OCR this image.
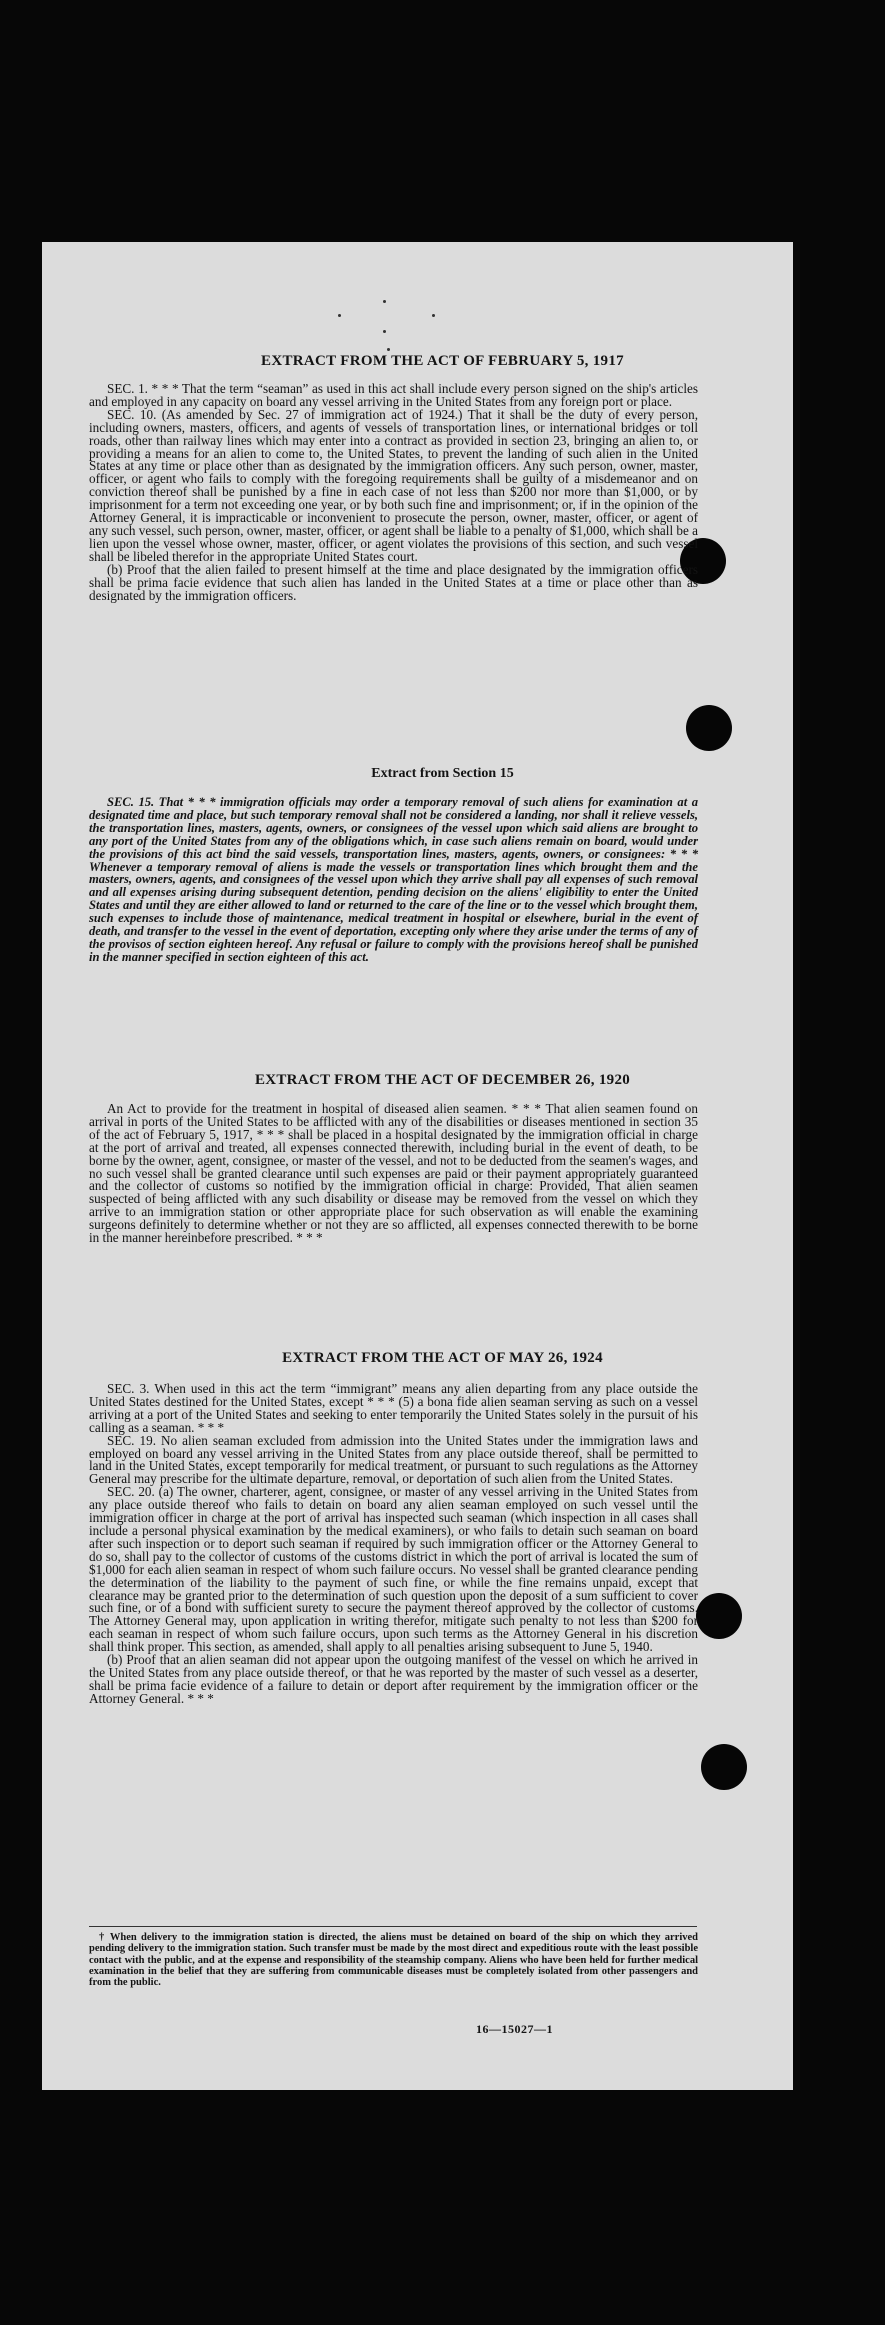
EXTRACT FROM THE ACT OF FEBRUARY 5, 1917

SEC. 1. * * * That the term “seaman” as used in this act shall include every person signed on the ship's articles and employed in any capacity on board any vessel arriving in the United States from any foreign port or place.

SEC. 10. (As amended by Sec. 27 of immigration act of 1924.) That it shall be the duty of every person, including owners, masters, officers, and agents of vessels of transportation lines, or international bridges or toll roads, other than railway lines which may enter into a contract as provided in section 23, bringing an alien to, or providing a means for an alien to come to, the United States, to prevent the landing of such alien in the United States at any time or place other than as designated by the immigration officers. Any such person, owner, master, officer, or agent who fails to comply with the foregoing requirements shall be guilty of a misdemeanor and on conviction thereof shall be punished by a fine in each case of not less than $200 nor more than $1,000, or by imprisonment for a term not exceeding one year, or by both such fine and imprisonment; or, if in the opinion of the Attorney General, it is impracticable or inconvenient to prosecute the person, owner, master, officer, or agent of any such vessel, such person, owner, master, officer, or agent shall be liable to a penalty of $1,000, which shall be a lien upon the vessel whose owner, master, officer, or agent violates the provisions of this section, and such vessel shall be libeled therefor in the appropriate United States court.

(b) Proof that the alien failed to present himself at the time and place designated by the immigration officers shall be prima facie evidence that such alien has landed in the United States at a time or place other than as designated by the immigration officers.

Extract from Section 15

SEC. 15. That * * * immigration officials may order a temporary removal of such aliens for examination at a designated time and place, but such temporary removal shall not be considered a landing, nor shall it relieve vessels, the transportation lines, masters, agents, owners, or consignees of the vessel upon which said aliens are brought to any port of the United States from any of the obligations which, in case such aliens remain on board, would under the provisions of this act bind the said vessels, transportation lines, masters, agents, owners, or consignees: * * * Whenever a temporary removal of aliens is made the vessels or transportation lines which brought them and the masters, owners, agents, and consignees of the vessel upon which they arrive shall pay all expenses of such removal and all expenses arising during subsequent detention, pending decision on the aliens' eligibility to enter the United States and until they are either allowed to land or returned to the care of the line or to the vessel which brought them, such expenses to include those of maintenance, medical treatment in hospital or elsewhere, burial in the event of death, and transfer to the vessel in the event of deportation, excepting only where they arise under the terms of any of the provisos of section eighteen hereof. Any refusal or failure to comply with the provisions hereof shall be punished in the manner specified in section eighteen of this act.

EXTRACT FROM THE ACT OF DECEMBER 26, 1920

An Act to provide for the treatment in hospital of diseased alien seamen. * * * That alien seamen found on arrival in ports of the United States to be afflicted with any of the disabilities or diseases mentioned in section 35 of the act of February 5, 1917, * * * shall be placed in a hospital designated by the immigration official in charge at the port of arrival and treated, all expenses connected therewith, including burial in the event of death, to be borne by the owner, agent, consignee, or master of the vessel, and not to be deducted from the seamen's wages, and no such vessel shall be granted clearance until such expenses are paid or their payment appropriately guaranteed and the collector of customs so notified by the immigration official in charge: Provided, That alien seamen suspected of being afflicted with any such disability or disease may be removed from the vessel on which they arrive to an immigration station or other appropriate place for such observation as will enable the examining surgeons definitely to determine whether or not they are so afflicted, all expenses connected therewith to be borne in the manner hereinbefore prescribed. * * *

EXTRACT FROM THE ACT OF MAY 26, 1924

SEC. 3. When used in this act the term “immigrant” means any alien departing from any place outside the United States destined for the United States, except * * * (5) a bona fide alien seaman serving as such on a vessel arriving at a port of the United States and seeking to enter temporarily the United States solely in the pursuit of his calling as a seaman. * * *

SEC. 19. No alien seaman excluded from admission into the United States under the immigration laws and employed on board any vessel arriving in the United States from any place outside thereof, shall be permitted to land in the United States, except temporarily for medical treatment, or pursuant to such regulations as the Attorney General may prescribe for the ultimate departure, removal, or deportation of such alien from the United States.

SEC. 20. (a) The owner, charterer, agent, consignee, or master of any vessel arriving in the United States from any place outside thereof who fails to detain on board any alien seaman employed on such vessel until the immigration officer in charge at the port of arrival has inspected such seaman (which inspection in all cases shall include a personal physical examination by the medical examiners), or who fails to detain such seaman on board after such inspection or to deport such seaman if required by such immigration officer or the Attorney General to do so, shall pay to the collector of customs of the customs district in which the port of arrival is located the sum of $1,000 for each alien seaman in respect of whom such failure occurs. No vessel shall be granted clearance pending the determination of the liability to the payment of such fine, or while the fine remains unpaid, except that clearance may be granted prior to the determination of such question upon the deposit of a sum sufficient to cover such fine, or of a bond with sufficient surety to secure the payment thereof approved by the collector of customs. The Attorney General may, upon application in writing therefor, mitigate such penalty to not less than $200 for each seaman in respect of whom such failure occurs, upon such terms as the Attorney General in his discretion shall think proper. This section, as amended, shall apply to all penalties arising subsequent to June 5, 1940.

(b) Proof that an alien seaman did not appear upon the outgoing manifest of the vessel on which he arrived in the United States from any place outside thereof, or that he was reported by the master of such vessel as a deserter, shall be prima facie evidence of a failure to detain or deport after requirement by the immigration officer or the Attorney General. * * *

† When delivery to the immigration station is directed, the aliens must be detained on board of the ship on which they arrived pending delivery to the immigration station. Such transfer must be made by the most direct and expeditious route with the least possible contact with the public, and at the expense and responsibility of the steamship company. Aliens who have been held for further medical examination in the belief that they are suffering from communicable diseases must be completely isolated from other passengers and from the public.

16—15027—1
